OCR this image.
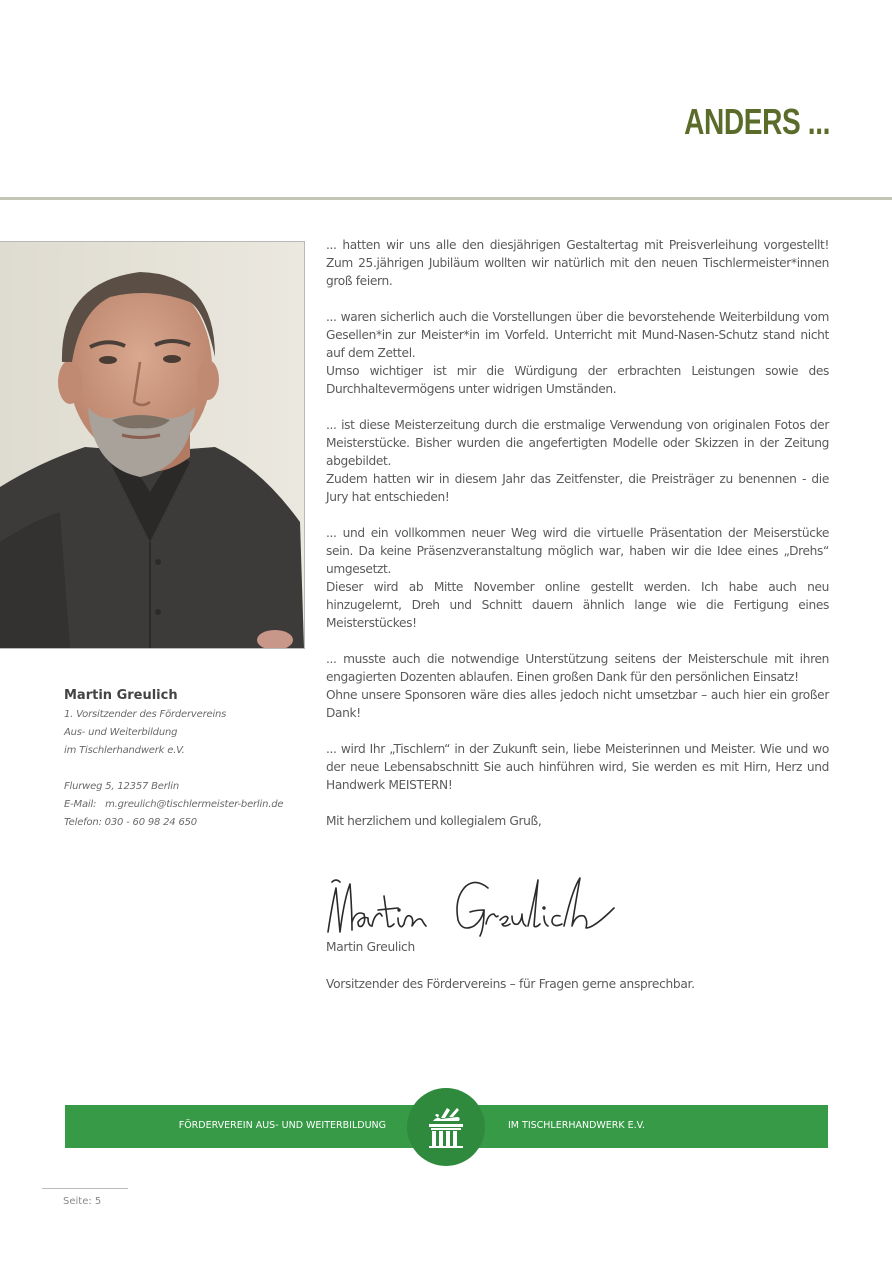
ANDERS ...
Martin Greulich
1. Vorsitzender des Fördervereins
Aus- und Weiterbildung
im Tischlerhandwerk e.V.
Flurweg 5, 12357 Berlin
E-Mail:   m.greulich@tischlermeister-berlin.de
Telefon: 030 - 60 98 24 650

... hatten wir uns alle den diesjährigen Gestaltertag mit Preisverleihung vorgestellt! Zum 25.jährigen Jubiläum wollten wir natürlich mit den neuen Tischlermeister*innen groß feiern.

... waren sicherlich auch die Vorstellungen über die bevorstehende Weiterbildung vom Gesellen*in zur Meister*in im Vorfeld. Unterricht mit Mund-Nasen-Schutz stand nicht auf dem Zettel.
Umso wichtiger ist mir die Würdigung der erbrachten Leistungen sowie des Durchhaltevermögens unter widrigen Umständen.

... ist diese Meisterzeitung durch die erstmalige Verwendung von originalen Fotos der Meisterstücke. Bisher wurden die angefertigten Modelle oder Skizzen in der Zeitung abgebildet.
Zudem hatten wir in diesem Jahr das Zeitfenster, die Preisträger zu benennen - die Jury hat entschieden!

... und ein vollkommen neuer Weg wird die virtuelle Präsentation der Meiserstücke sein. Da keine Präsenzveranstaltung möglich war, haben wir die Idee eines „Drehs“ umgesetzt.
Dieser wird ab Mitte November online gestellt werden. Ich habe auch neu hinzugelernt, Dreh und Schnitt dauern ähnlich lange wie die Fertigung eines Meisterstückes!

... musste auch die notwendige Unterstützung seitens der Meisterschule mit ihren engagierten Dozenten ablaufen. Einen großen Dank für den persönlichen Einsatz!
Ohne unsere Sponsoren wäre dies alles jedoch nicht umsetzbar – auch hier ein großer Dank!

... wird Ihr „Tischlern“ in der Zukunft sein, liebe Meisterinnen und Meister. Wie und wo der neue Lebensabschnitt Sie auch hinführen wird, Sie werden es mit Hirn, Herz und Handwerk MEISTERN!

Mit herzlichem und kollegialem Gruß,

Martin Greulich
Vorsitzender des Fördervereins – für Fragen gerne ansprechbar.
FÖRDERVEREIN AUS- UND WEITERBILDUNG	IM TISCHLERHANDWERK E.V.
Seite: 5
